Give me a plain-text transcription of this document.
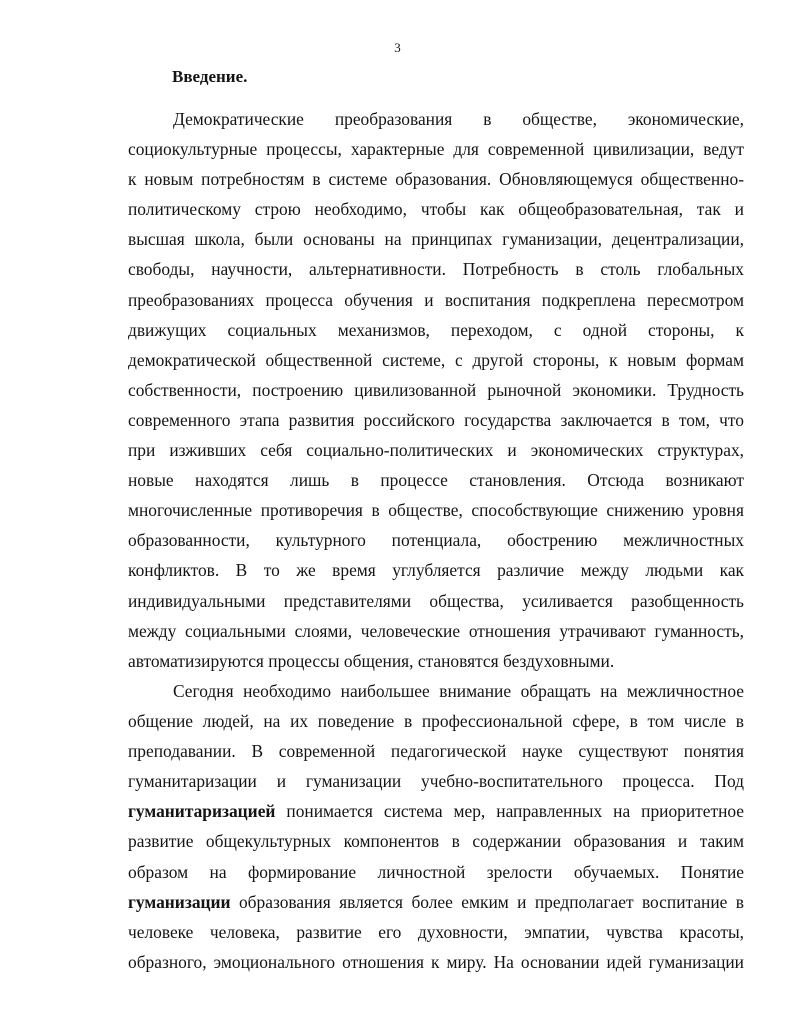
3
Введение.
Демократические преобразования в обществе, экономические,
социокультурные процессы, характерные для современной цивилизации, ведут
к новым потребностям в системе образования. Обновляющемуся общественно-
политическому строю необходимо, чтобы как общеобразовательная, так и
высшая школа, были основаны на принципах гуманизации, децентрализации,
свободы, научности, альтернативности. Потребность в столь глобальных
преобразованиях процесса обучения и воспитания подкреплена пересмотром
движущих социальных механизмов, переходом, с одной стороны, к
демократической общественной системе, с другой стороны, к новым формам
собственности, построению цивилизованной рыночной экономики. Трудность
современного этапа развития российского государства заключается в том, что
при изживших себя социально-политических и экономических структурах,
новые находятся лишь в процессе становления. Отсюда возникают
многочисленные противоречия в обществе, способствующие снижению уровня
образованности, культурного потенциала, обострению межличностных
конфликтов. В то же время углубляется различие между людьми как
индивидуальными представителями общества, усиливается разобщенность
между социальными слоями, человеческие отношения утрачивают гуманность,
автоматизируются процессы общения, становятся бездуховными.
Сегодня необходимо наибольшее внимание обращать на межличностное
общение людей, на их поведение в профессиональной сфере, в том числе в
преподавании. В современной педагогической науке существуют понятия
гуманитаризации и гуманизации учебно-воспитательного процесса. Под
гуманитаризацией понимается система мер, направленных на приоритетное
развитие общекультурных компонентов в содержании образования и таким
образом на формирование личностной зрелости обучаемых. Понятие
гуманизации образования является более емким и предполагает воспитание в
человеке человека, развитие его духовности, эмпатии, чувства красоты,
образного, эмоционального отношения к миру. На основании идей гуманизации
